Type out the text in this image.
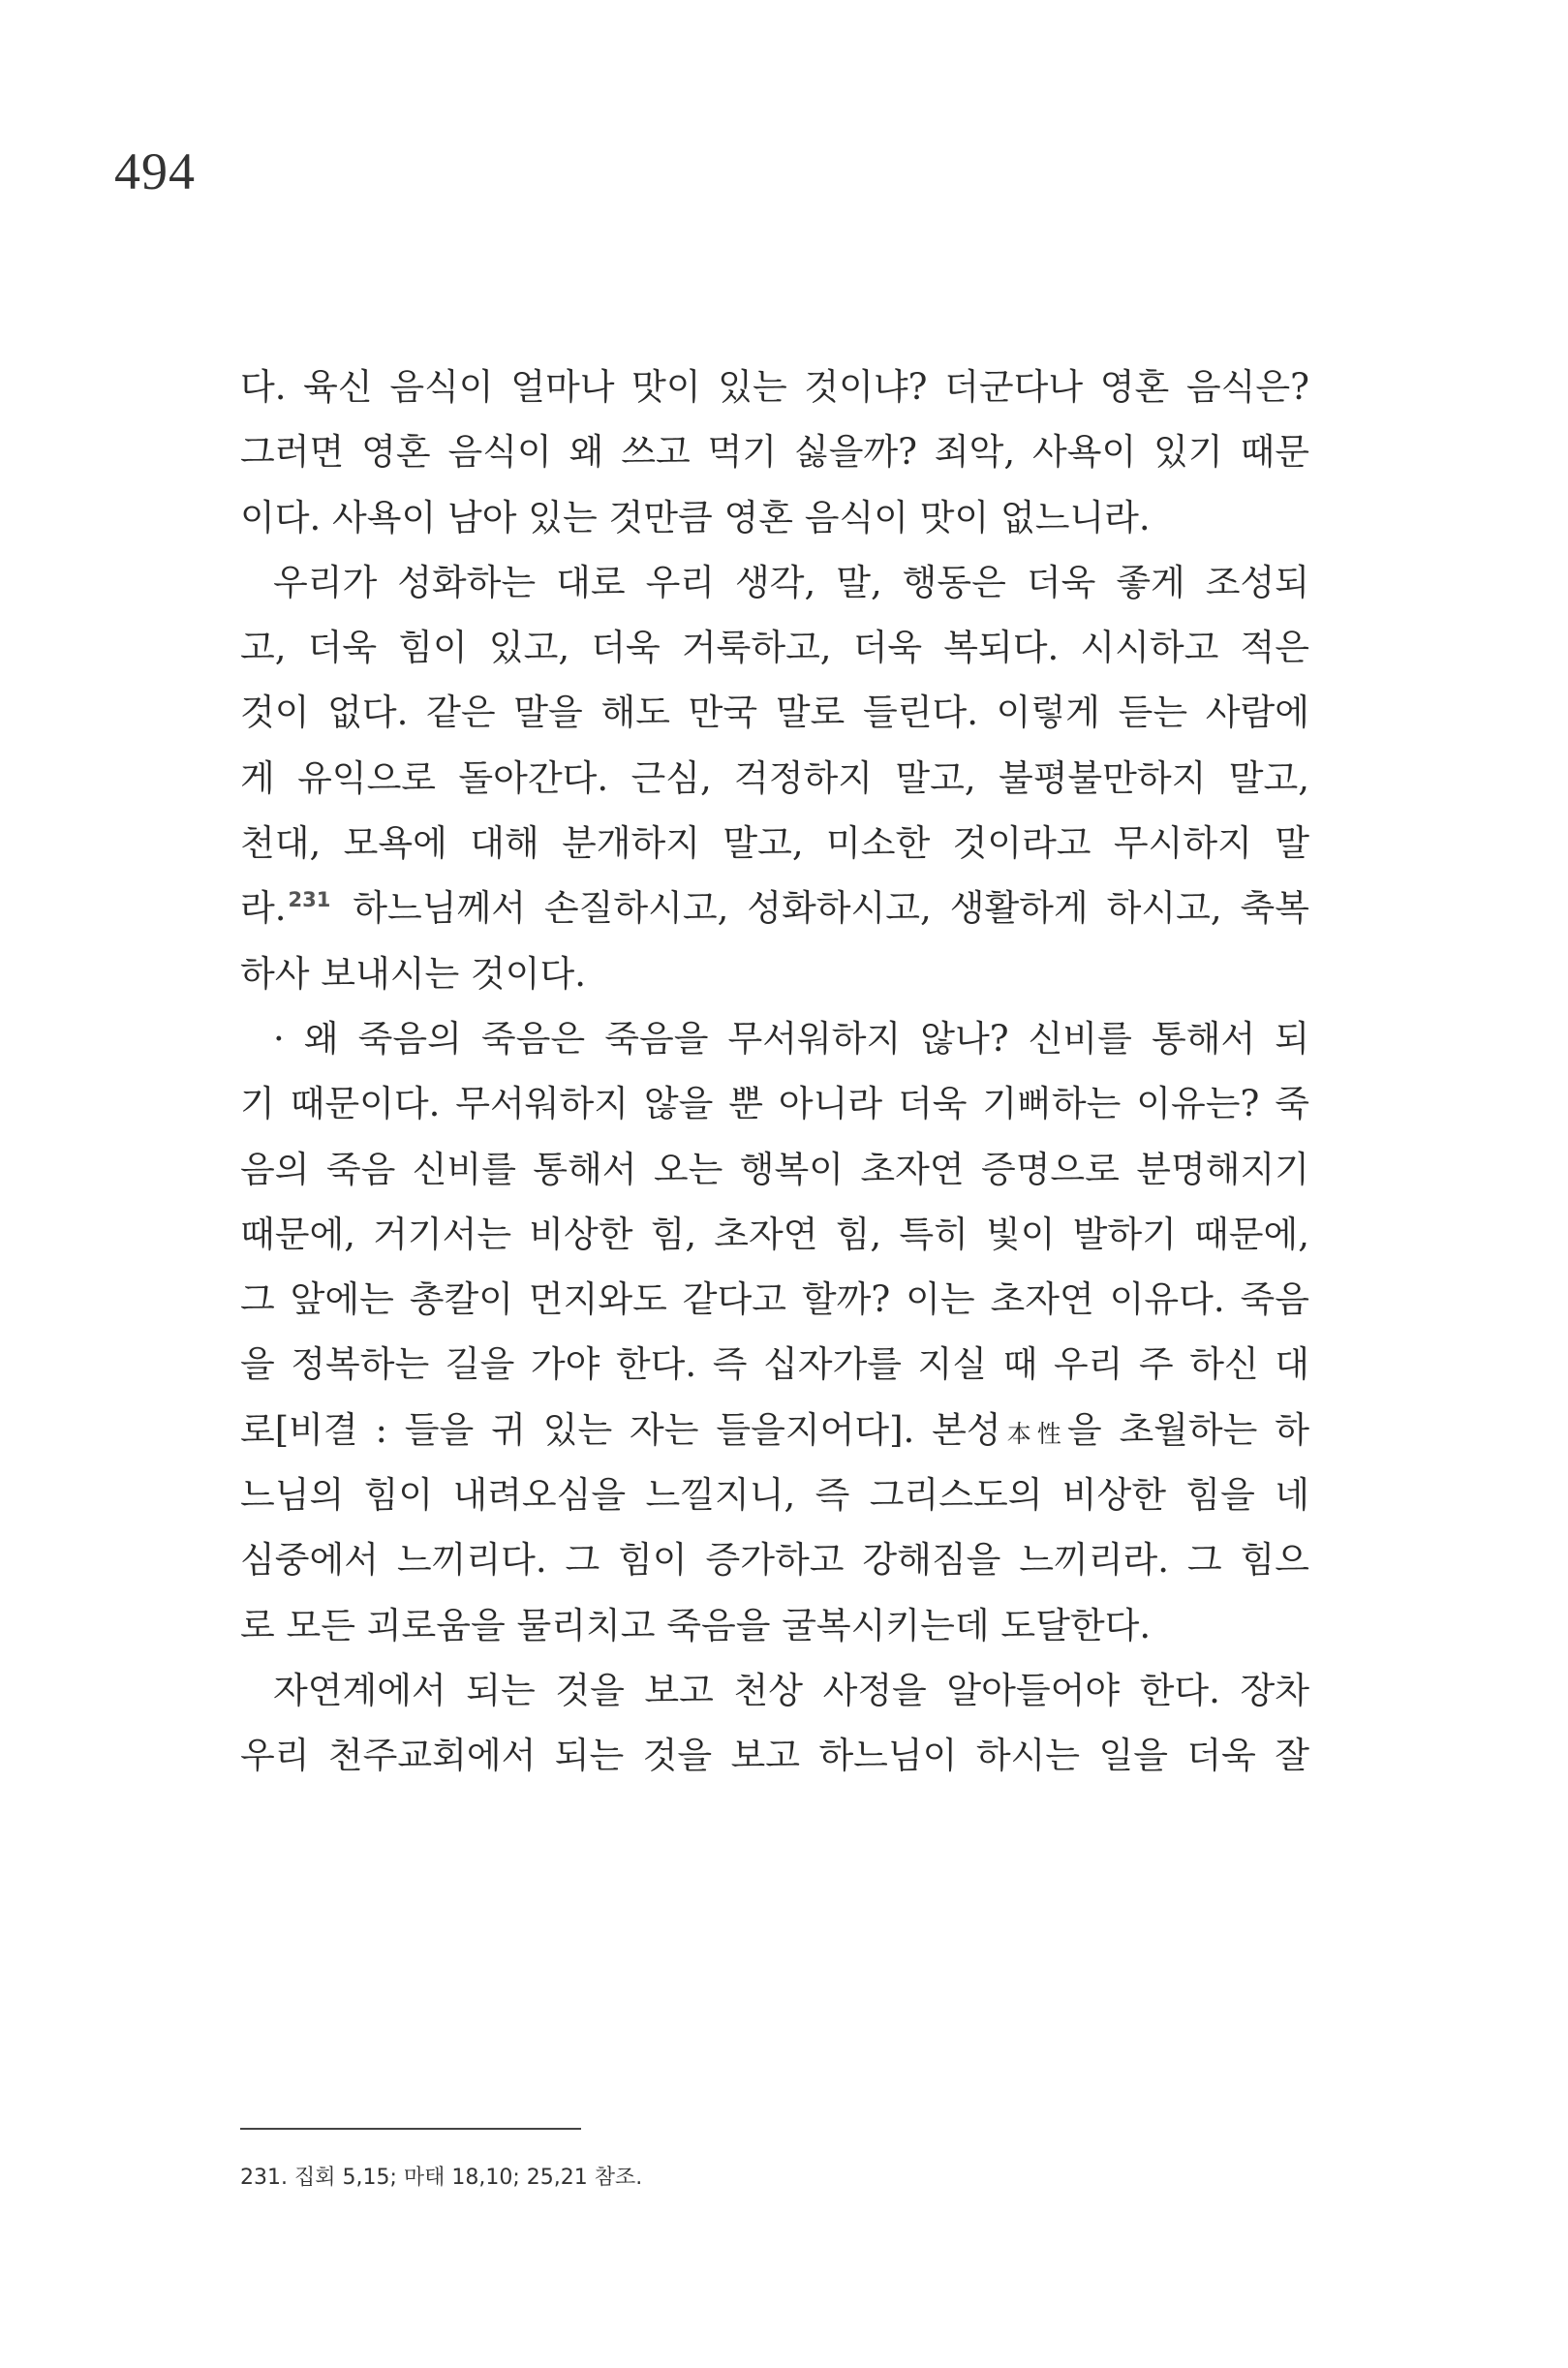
494
다. 육신 음식이 얼마나 맛이 있는 것이냐? 더군다나 영혼 음식은?
그러면 영혼 음식이 왜 쓰고 먹기 싫을까? 죄악, 사욕이 있기 때문
이다. 사욕이 남아 있는 것만큼 영혼 음식이 맛이 없느니라.
우리가 성화하는 대로 우리 생각, 말, 행동은 더욱 좋게 조성되
고, 더욱 힘이 있고, 더욱 거룩하고, 더욱 복되다. 시시하고 적은
것이 없다. 같은 말을 해도 만국 말로 들린다. 이렇게 듣는 사람에
게 유익으로 돌아간다. 근심, 걱정하지 말고, 불평불만하지 말고,
천대, 모욕에 대해 분개하지 말고, 미소한 것이라고 무시하지 말
라.$^{231}$ 하느님께서 손질하시고, 성화하시고, 생활하게 하시고, 축복
하사 보내시는 것이다.
· 왜 죽음의 죽음은 죽음을 무서워하지 않나? 신비를 통해서 되
기 때문이다. 무서워하지 않을 뿐 아니라 더욱 기뻐하는 이유는? 죽
음의 죽음 신비를 통해서 오는 행복이 초자연 증명으로 분명해지기
때문에, 거기서는 비상한 힘, 초자연 힘, 특히 빛이 발하기 때문에,
그 앞에는 총칼이 먼지와도 같다고 할까? 이는 초자연 이유다. 죽음
을 정복하는 길을 가야 한다. 즉 십자가를 지실 때 우리 주 하신 대
로[비결 : 들을 귀 있는 자는 들을지어다]. 본성本性을 초월하는 하
느님의 힘이 내려오심을 느낄지니, 즉 그리스도의 비상한 힘을 네
심중에서 느끼리다. 그 힘이 증가하고 강해짐을 느끼리라. 그 힘으
로 모든 괴로움을 물리치고 죽음을 굴복시키는데 도달한다.
자연계에서 되는 것을 보고 천상 사정을 알아들어야 한다. 장차
우리 천주교회에서 되는 것을 보고 하느님이 하시는 일을 더욱 잘
231. 집회 5,15; 마태 18,10; 25,21 참조.
